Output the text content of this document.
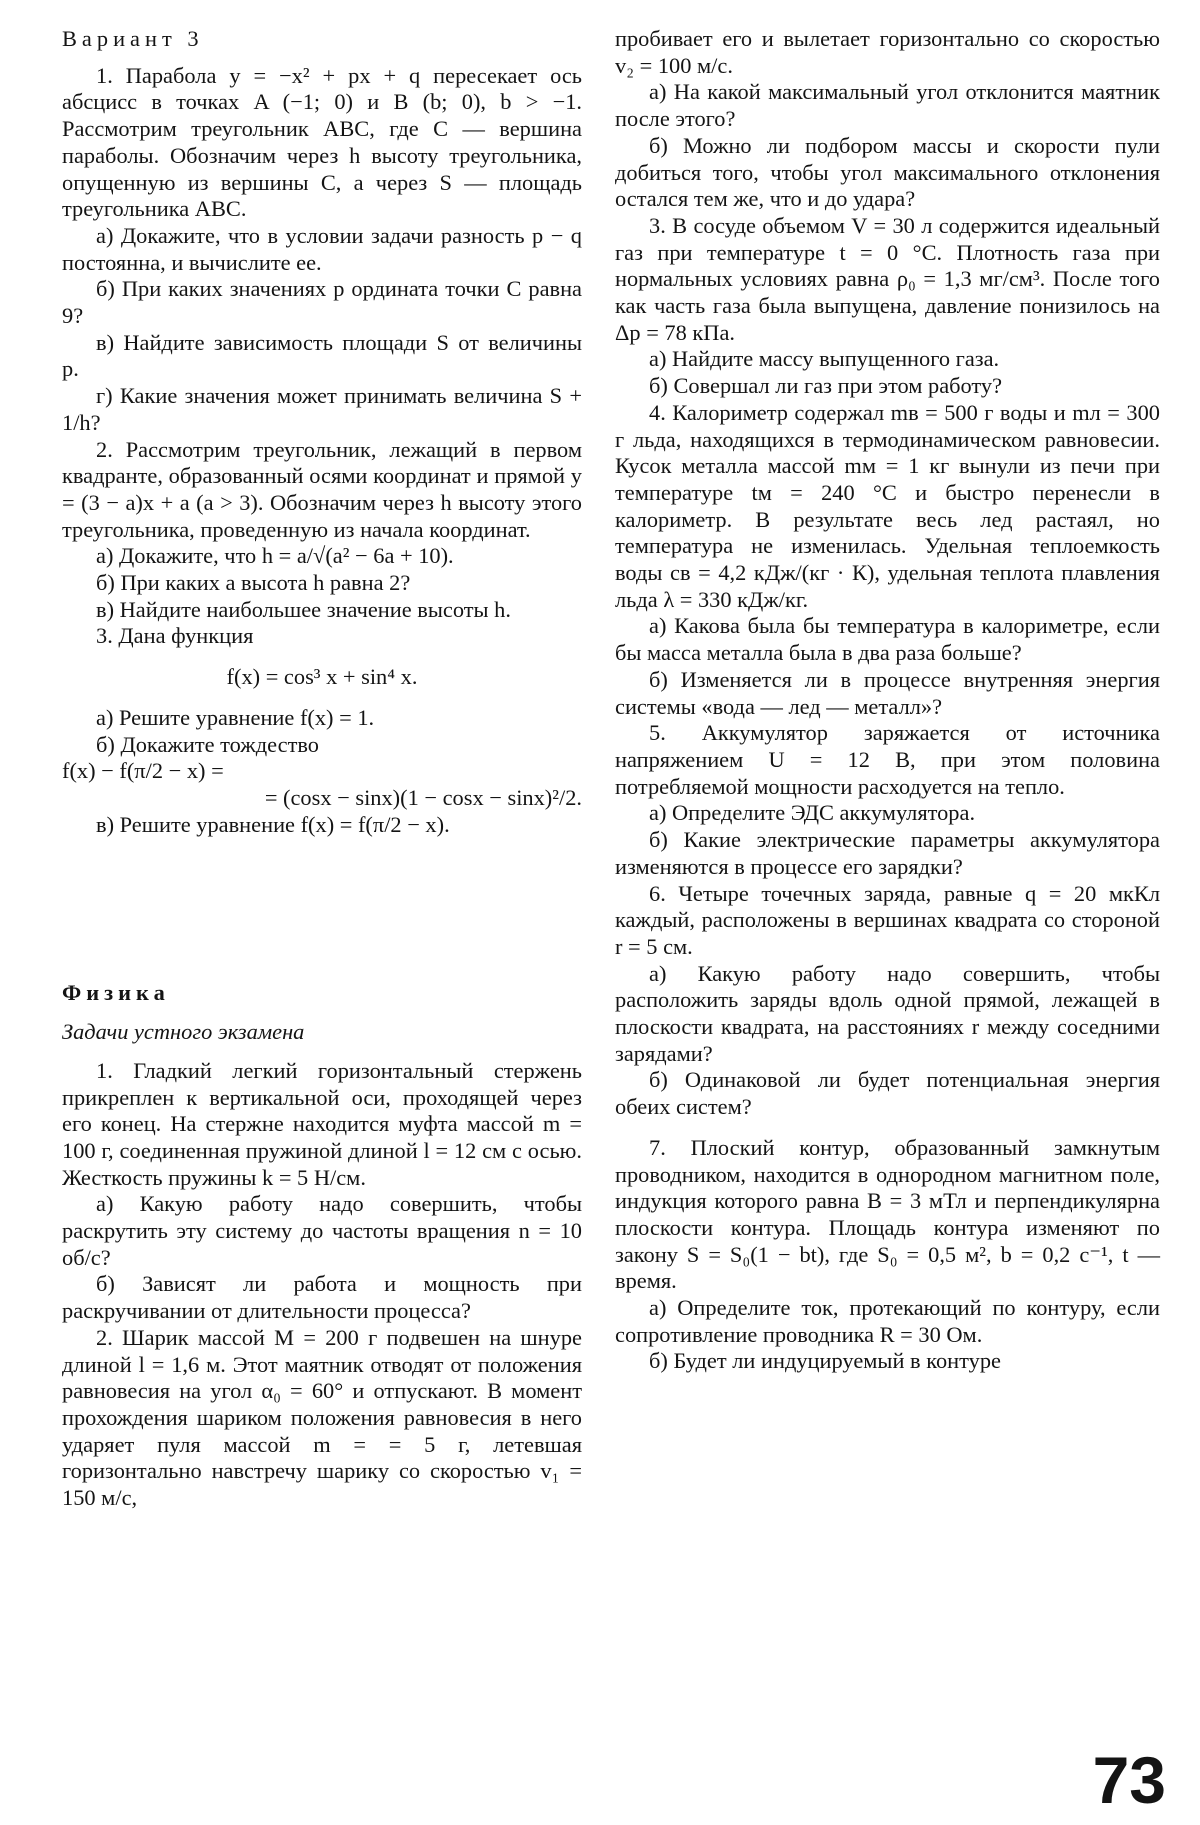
Вариант 3

1. Парабола y = −x² + px + q пересекает ось абсцисс в точках A (−1; 0) и B (b; 0), b > −1. Рассмотрим треугольник ABC, где C — вершина параболы. Обозначим через h высоту треугольника, опущенную из вершины C, а через S — площадь треугольника ABC.

а) Докажите, что в условии задачи разность p − q постоянна, и вычислите ее.

б) При каких значениях p ордината точки C равна 9?

в) Найдите зависимость площади S от величины p.

г) Какие значения может принимать величина S + 1/h?

2. Рассмотрим треугольник, лежащий в первом квадранте, образованный осями координат и прямой y = (3 − a)x + a (a > 3). Обозначим через h высоту этого треугольника, проведенную из начала координат.

а) Докажите, что h = a/√(a² − 6a + 10).

б) При каких a высота h равна 2?

в) Найдите наибольшее значение высоты h.

3. Дана функция

f(x) = cos³ x + sin⁴ x.

а) Решите уравнение f(x) = 1.

б) Докажите тождество

f(x) − f(π/2 − x) =

= (cosx − sinx)(1 − cosx − sinx)²/2.

в) Решите уравнение f(x) = f(π/2 − x).

Физика

Задачи устного экзамена

1. Гладкий легкий горизонтальный стержень прикреплен к вертикальной оси, проходящей через его конец. На стержне находится муфта массой m = 100 г, соединенная пружиной длиной l = 12 см с осью. Жесткость пружины k = 5 Н/см.

а) Какую работу надо совершить, чтобы раскрутить эту систему до частоты вращения n = 10 об/с?

б) Зависят ли работа и мощность при раскручивании от длительности процесса?

2. Шарик массой M = 200 г подвешен на шнуре длиной l = 1,6 м. Этот маятник отводят от положения равновесия на угол α₀ = 60° и отпускают. В момент прохождения шариком положения равновесия в него ударяет пуля массой m = = 5 г, летевшая горизонтально навстречу шарику со скоростью v₁ = 150 м/с,

пробивает его и вылетает горизонтально со скоростью v₂ = 100 м/с.

а) На какой максимальный угол отклонится маятник после этого?

б) Можно ли подбором массы и скорости пули добиться того, чтобы угол максимального отклонения остался тем же, что и до удара?

3. В сосуде объемом V = 30 л содержится идеальный газ при температуре t = 0 °C. Плотность газа при нормальных условиях равна ρ₀ = 1,3 мг/см³. После того как часть газа была выпущена, давление понизилось на Δp = 78 кПа.

а) Найдите массу выпущенного газа.

б) Совершал ли газ при этом работу?

4. Калориметр содержал mв = 500 г воды и mл = 300 г льда, находящихся в термодинамическом равновесии. Кусок металла массой mм = 1 кг вынули из печи при температуре tм = 240 °C и быстро перенесли в калориметр. В результате весь лед растаял, но температура не изменилась. Удельная теплоемкость воды cв = 4,2 кДж/(кг · К), удельная теплота плавления льда λ = 330 кДж/кг.

а) Какова была бы температура в калориметре, если бы масса металла была в два раза больше?

б) Изменяется ли в процессе внутренняя энергия системы «вода — лед — металл»?

5. Аккумулятор заряжается от источника напряжением U = 12 В, при этом половина потребляемой мощности расходуется на тепло.

а) Определите ЭДС аккумулятора.

б) Какие электрические параметры аккумулятора изменяются в процессе его зарядки?

6. Четыре точечных заряда, равные q = 20 мкКл каждый, расположены в вершинах квадрата со стороной r = 5 см.

а) Какую работу надо совершить, чтобы расположить заряды вдоль одной прямой, лежащей в плоскости квадрата, на расстояниях r между соседними зарядами?

б) Одинаковой ли будет потенциальная энергия обеих систем?

7. Плоский контур, образованный замкнутым проводником, находится в однородном магнитном поле, индукция которого равна B = 3 мТл и перпендикулярна плоскости контура. Площадь контура изменяют по закону S = S₀(1 − bt), где S₀ = 0,5 м², b = 0,2 с⁻¹, t — время.

а) Определите ток, протекающий по контуру, если сопротивление проводника R = 30 Ом.

б) Будет ли индуцируемый в контуре

73
